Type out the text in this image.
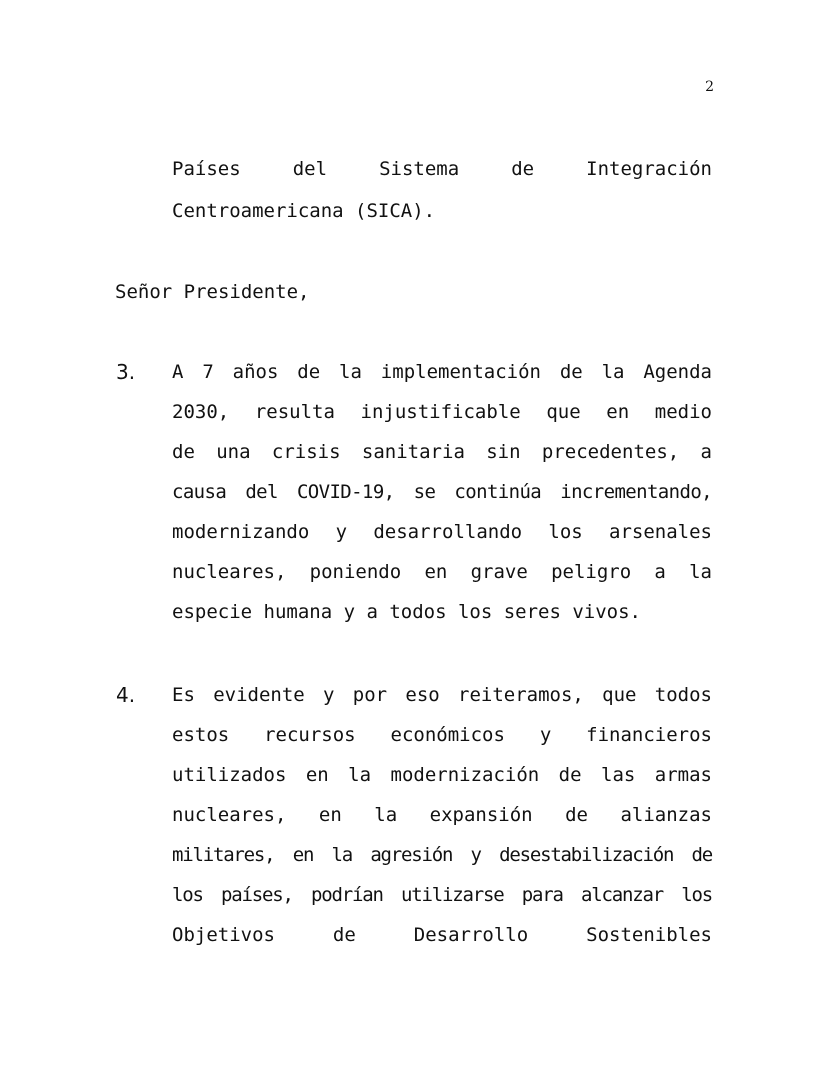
2
Países del Sistema de Integración
Centroamericana (SICA).
Señor Presidente,
3. A 7 años de la implementación de la Agenda
2030, resulta injustificable que en medio
de una crisis sanitaria sin precedentes, a
causa del COVID-19, se continúa incrementando,
modernizando y desarrollando los arsenales
nucleares, poniendo en grave peligro a la
especie humana y a todos los seres vivos.
4. Es evidente y por eso reiteramos, que todos
estos recursos económicos y financieros
utilizados en la modernización de las armas
nucleares, en la expansión de alianzas
militares, en la agresión y desestabilización de
los países, podrían utilizarse para alcanzar los
Objetivos de Desarrollo Sostenibles
